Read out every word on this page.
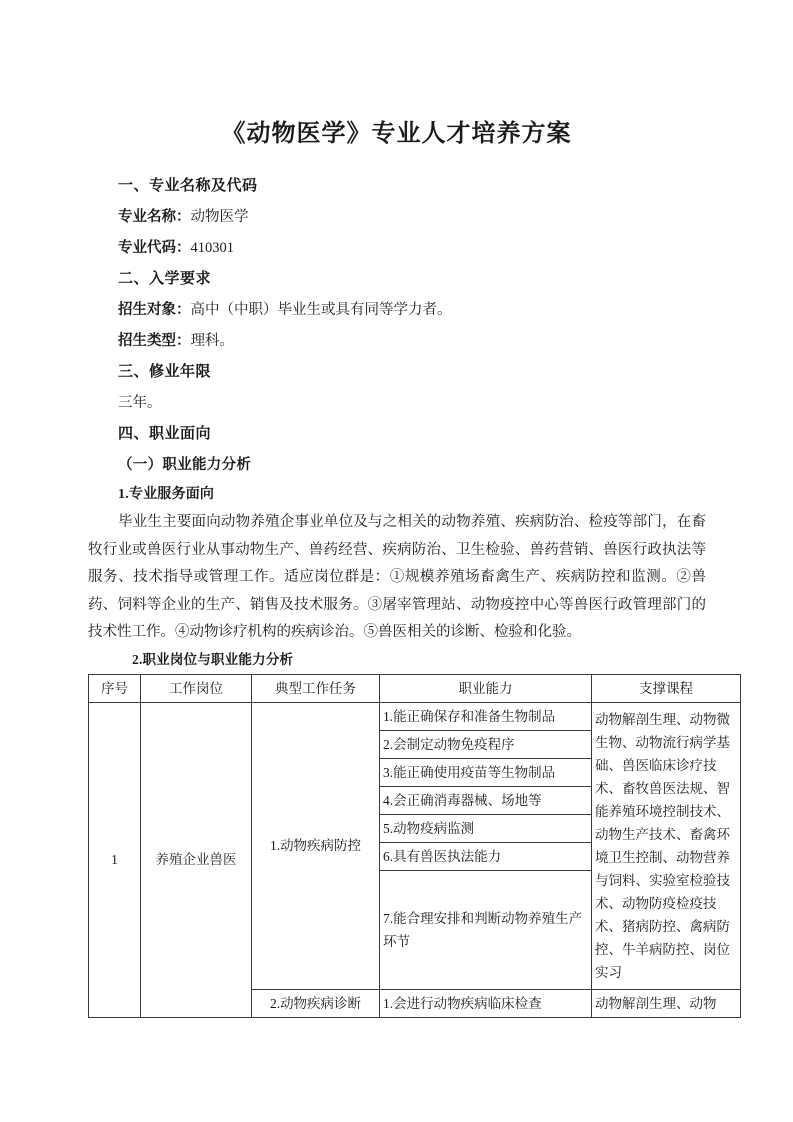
《动物医学》专业人才培养方案

一、专业名称及代码

专业名称：动物医学

专业代码：410301

二、入学要求

招生对象：高中（中职）毕业生或具有同等学力者。

招生类型：理科。

三、修业年限

三年。

四、职业面向

（一）职业能力分析

1.专业服务面向

毕业生主要面向动物养殖企事业单位及与之相关的动物养殖、疾病防治、检疫等部门，在畜牧行业或兽医行业从事动物生产、兽药经营、疾病防治、卫生检验、兽药营销、兽医行政执法等服务、技术指导或管理工作。适应岗位群是：①规模养殖场畜禽生产、疾病防控和监测。②兽药、饲料等企业的生产、销售及技术服务。③屠宰管理站、动物疫控中心等兽医行政管理部门的技术性工作。④动物诊疗机构的疾病诊治。⑤兽医相关的诊断、检验和化验。

2.职业岗位与职业能力分析

序号	工作岗位	典型工作任务	职业能力	支撑课程
1	养殖企业兽医	1.动物疾病防控	1.能正确保存和准备生物制品	动物解剖生理、动物微生物、动物流行病学基础、兽医临床诊疗技术、畜牧兽医法规、智能养殖环境控制技术、动物生产技术、畜禽环境卫生控制、动物营养与饲料、实验室检验技术、动物防疫检疫技术、猪病防控、禽病防控、牛羊病防控、岗位实习
			2.会制定动物免疫程序	
			3.能正确使用疫苗等生物制品	
			4.会正确消毒器械、场地等	
			5.动物疫病监测	
			6.具有兽医执法能力	
			7.能合理安排和判断动物养殖生产环节	
		2.动物疾病诊断	1.会进行动物疾病临床检查	动物解剖生理、动物
